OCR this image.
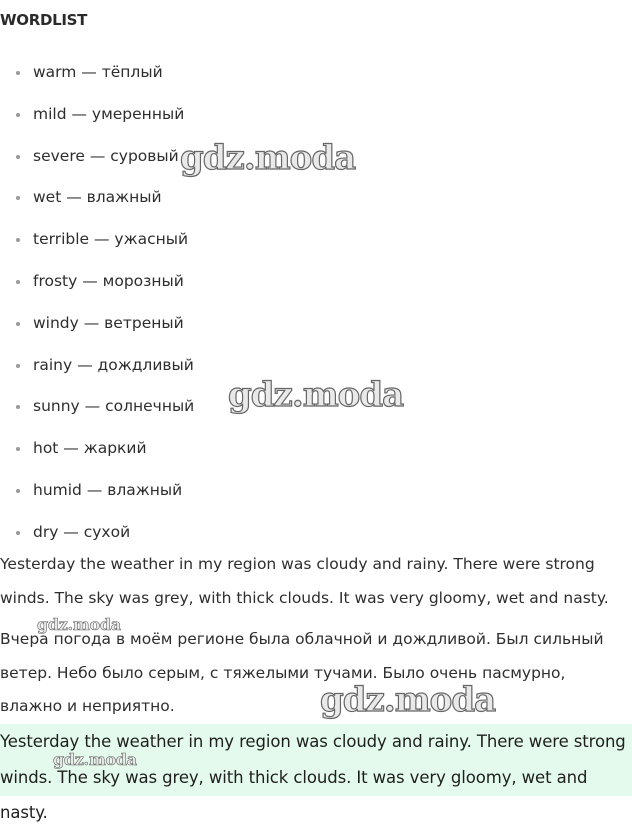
WORDLIST
warm — тёплый
mild — умеренный
severe — суровый
wet — влажный
terrible — ужасный
frosty — морозный
windy — ветреный
rainy — дождливый
sunny — солнечный
hot — жаркий
humid — влажный
dry — сухой

Yesterday the weather in my region was cloudy and rainy. There were strong winds. The sky was grey, with thick clouds. It was very gloomy, wet and nasty.

Вчера погода в моём регионе была облачной и дождливой. Был сильный ветер. Небо было серым, с тяжелыми тучами. Было очень пасмурно, влажно и неприятно.

Yesterday the weather in my region was cloudy and rainy. There were strong winds. The sky was grey, with thick clouds. It was very gloomy, wet and nasty.

gdz.moda
gdz.moda
gdz.moda
gdz.moda
gdz.moda
